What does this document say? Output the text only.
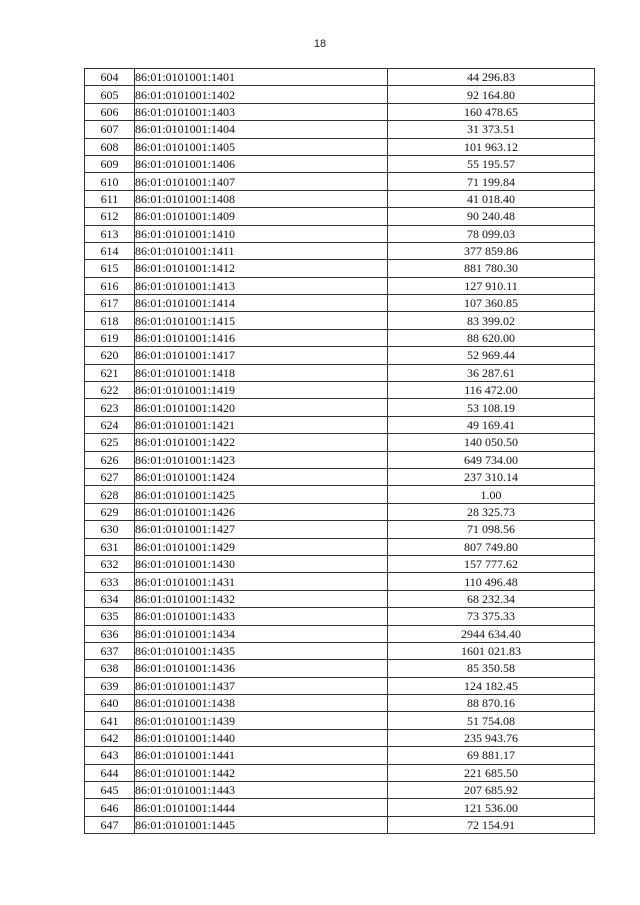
18
604	86:01:0101001:1401	44 296.83
605	86:01:0101001:1402	92 164.80
606	86:01:0101001:1403	160 478.65
607	86:01:0101001:1404	31 373.51
608	86:01:0101001:1405	101 963.12
609	86:01:0101001:1406	55 195.57
610	86:01:0101001:1407	71 199.84
611	86:01:0101001:1408	41 018.40
612	86:01:0101001:1409	90 240.48
613	86:01:0101001:1410	78 099.03
614	86:01:0101001:1411	377 859.86
615	86:01:0101001:1412	881 780.30
616	86:01:0101001:1413	127 910.11
617	86:01:0101001:1414	107 360.85
618	86:01:0101001:1415	83 399.02
619	86:01:0101001:1416	88 620.00
620	86:01:0101001:1417	52 969.44
621	86:01:0101001:1418	36 287.61
622	86:01:0101001:1419	116 472.00
623	86:01:0101001:1420	53 108.19
624	86:01:0101001:1421	49 169.41
625	86:01:0101001:1422	140 050.50
626	86:01:0101001:1423	649 734.00
627	86:01:0101001:1424	237 310.14
628	86:01:0101001:1425	1.00
629	86:01:0101001:1426	28 325.73
630	86:01:0101001:1427	71 098.56
631	86:01:0101001:1429	807 749.80
632	86:01:0101001:1430	157 777.62
633	86:01:0101001:1431	110 496.48
634	86:01:0101001:1432	68 232.34
635	86:01:0101001:1433	73 375.33
636	86:01:0101001:1434	2944 634.40
637	86:01:0101001:1435	1601 021.83
638	86:01:0101001:1436	85 350.58
639	86:01:0101001:1437	124 182.45
640	86:01:0101001:1438	88 870.16
641	86:01:0101001:1439	51 754.08
642	86:01:0101001:1440	235 943.76
643	86:01:0101001:1441	69 881.17
644	86:01:0101001:1442	221 685.50
645	86:01:0101001:1443	207 685.92
646	86:01:0101001:1444	121 536.00
647	86:01:0101001:1445	72 154.91
